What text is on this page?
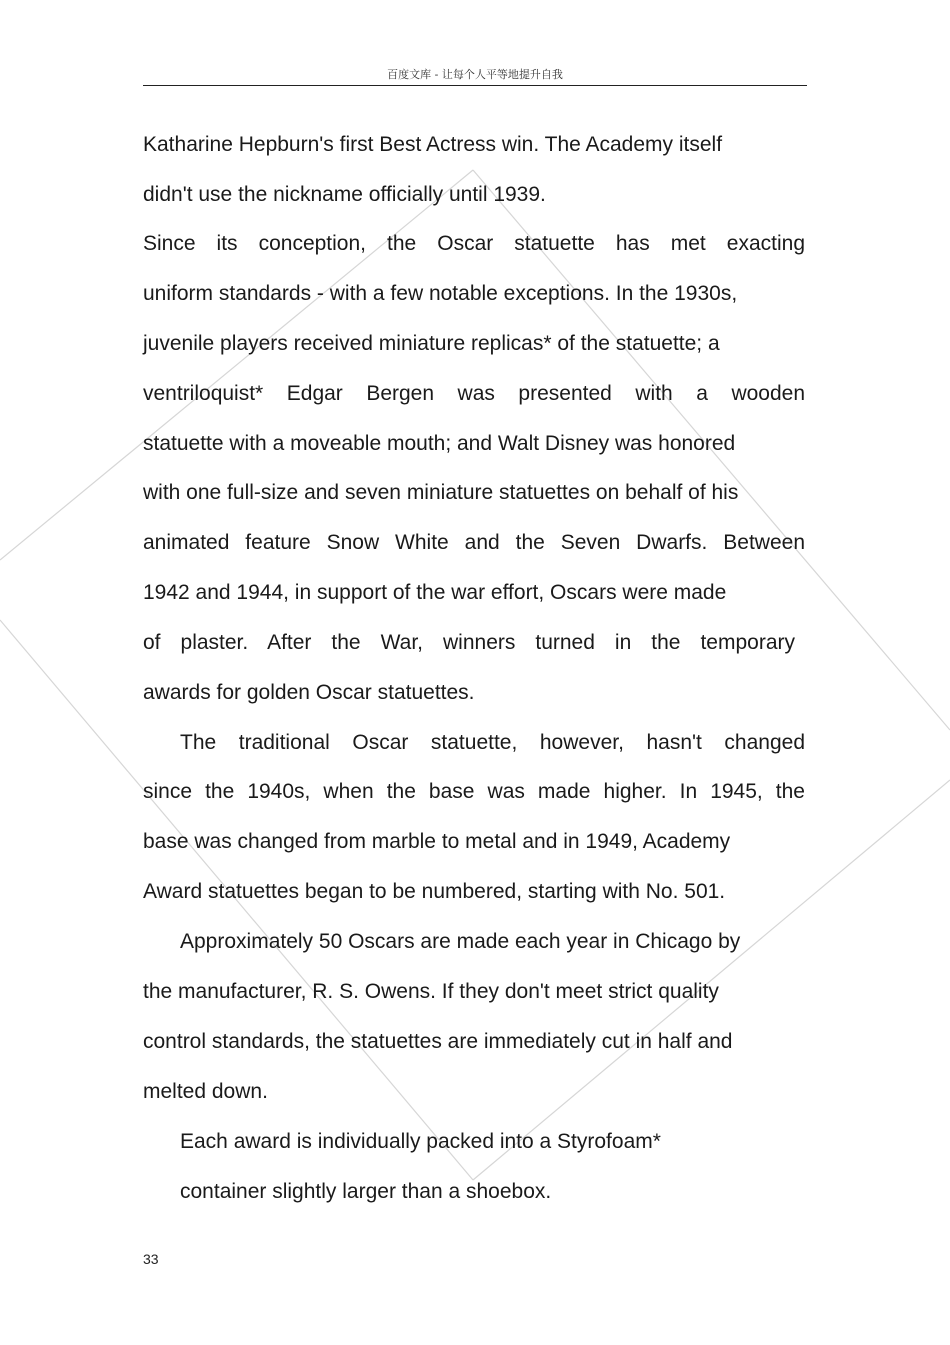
百度文库 - 让每个人平等地提升自我
Katharine Hepburn's first Best Actress win. The Academy itself
didn't use the nickname officially until 1939.
Since its conception, the Oscar statuette has met exacting
uniform standards - with a few notable exceptions. In the 1930s,
juvenile players received miniature replicas* of the statuette; a
ventriloquist* Edgar Bergen was presented with a wooden
statuette with a moveable mouth; and Walt Disney was honored
with one full-size and seven miniature statuettes on behalf of his
animated feature Snow White and the Seven Dwarfs. Between
1942 and 1944, in support of the war effort, Oscars were made
of plaster. After the War, winners turned in the temporary
awards for golden Oscar statuettes.
The traditional Oscar statuette, however, hasn't changed
since the 1940s, when the base was made higher. In 1945, the
base was changed from marble to metal and in 1949, Academy
Award statuettes began to be numbered, starting with No. 501.
Approximately 50 Oscars are made each year in Chicago by
the manufacturer, R. S. Owens. If they don't meet strict quality
control standards, the statuettes are immediately cut in half and
melted down.
Each award is individually packed into a Styrofoam*
container slightly larger than a shoebox.
33
